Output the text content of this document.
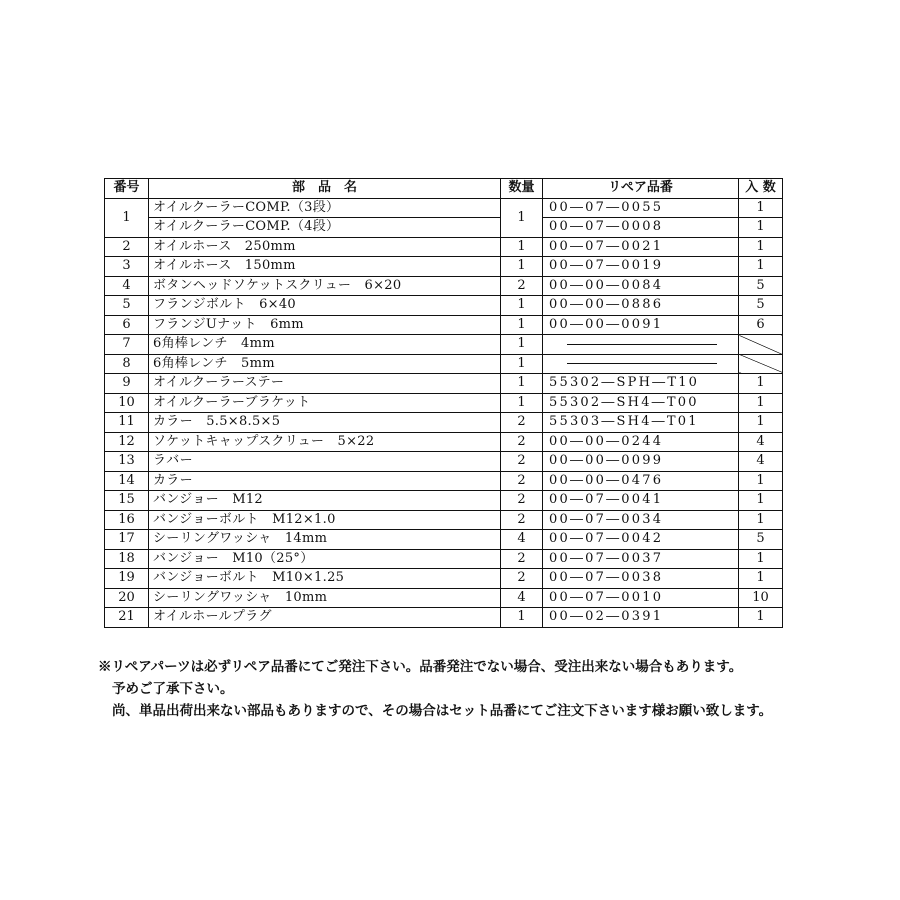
番号	部　品　名	数量	リペア品番	入 数
1	オイルクーラーCOMP.（3段）	1	00―07―0055	1
	オイルクーラーCOMP.（4段）		00―07―0008	1
2	オイルホース　250mm	1	00―07―0021	1
3	オイルホース　150mm	1	00―07―0019	1
4	ボタンヘッドソケットスクリュー　6×20	2	00―00―0084	5
5	フランジボルト　6×40	1	00―00―0886	5
6	フランジUナット　6mm	1	00―00―0091	6
7	6角棒レンチ　4mm	1	

8	6角棒レンチ　5mm	1	

9	オイルクーラーステー	1	55302―SPH―T10	1
10	オイルクーラーブラケット	1	55302―SH4―T00	1
11	カラー　5.5×8.5×5	2	55303―SH4―T01	1
12	ソケットキャップスクリュー　5×22	2	00―00―0244	4
13	ラバー	2	00―00―0099	4
14	カラー	2	00―00―0476	1
15	バンジョー　M12	2	00―07―0041	1
16	バンジョーボルト　M12×1.0	2	00―07―0034	1
17	シーリングワッシャ　14mm	4	00―07―0042	5
18	バンジョー　M10（25°）	2	00―07―0037	1
19	バンジョーボルト　M10×1.25	2	00―07―0038	1
20	シーリングワッシャ　10mm	4	00―07―0010	10
21	オイルホールプラグ	1	00―02―0391	1

※リペアパーツは必ずリペア品番にてご発注下さい。品番発注でない場合、受注出来ない場合もあります。

予めご了承下さい。

尚、単品出荷出来ない部品もありますので、その場合はセット品番にてご注文下さいます様お願い致します。
